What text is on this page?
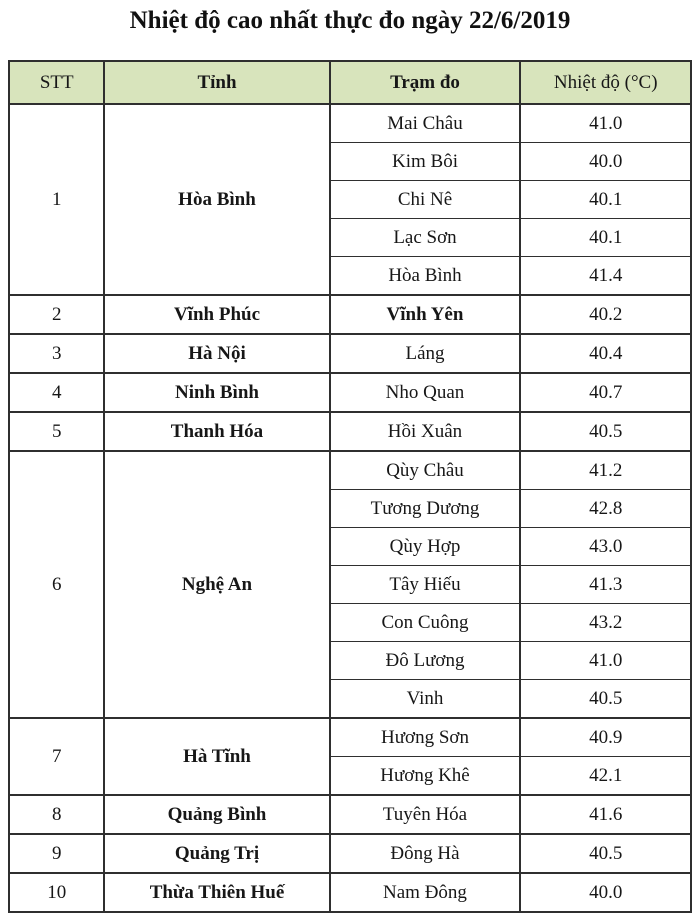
Nhiệt độ cao nhất thực đo ngày 22/6/2019
STT	Tỉnh	Trạm đo	Nhiệt độ (°C)
1	Hòa Bình	Mai Châu	41.0
		Kim Bôi	40.0
		Chi Nê	40.1
		Lạc Sơn	40.1
		Hòa Bình	41.4
2	Vĩnh Phúc	Vĩnh Yên	40.2
3	Hà Nội	Láng	40.4
4	Ninh Bình	Nho Quan	40.7
5	Thanh Hóa	Hồi Xuân	40.5
6	Nghệ An	Qùy Châu	41.2
		Tương Dương	42.8
		Qùy Hợp	43.0
		Tây Hiếu	41.3
		Con Cuông	43.2
		Đô Lương	41.0
		Vinh	40.5
7	Hà Tĩnh	Hương Sơn	40.9
		Hương Khê	42.1
8	Quảng Bình	Tuyên Hóa	41.6
9	Quảng Trị	Đông Hà	40.5
10	Thừa Thiên Huế	Nam Đông	40.0
